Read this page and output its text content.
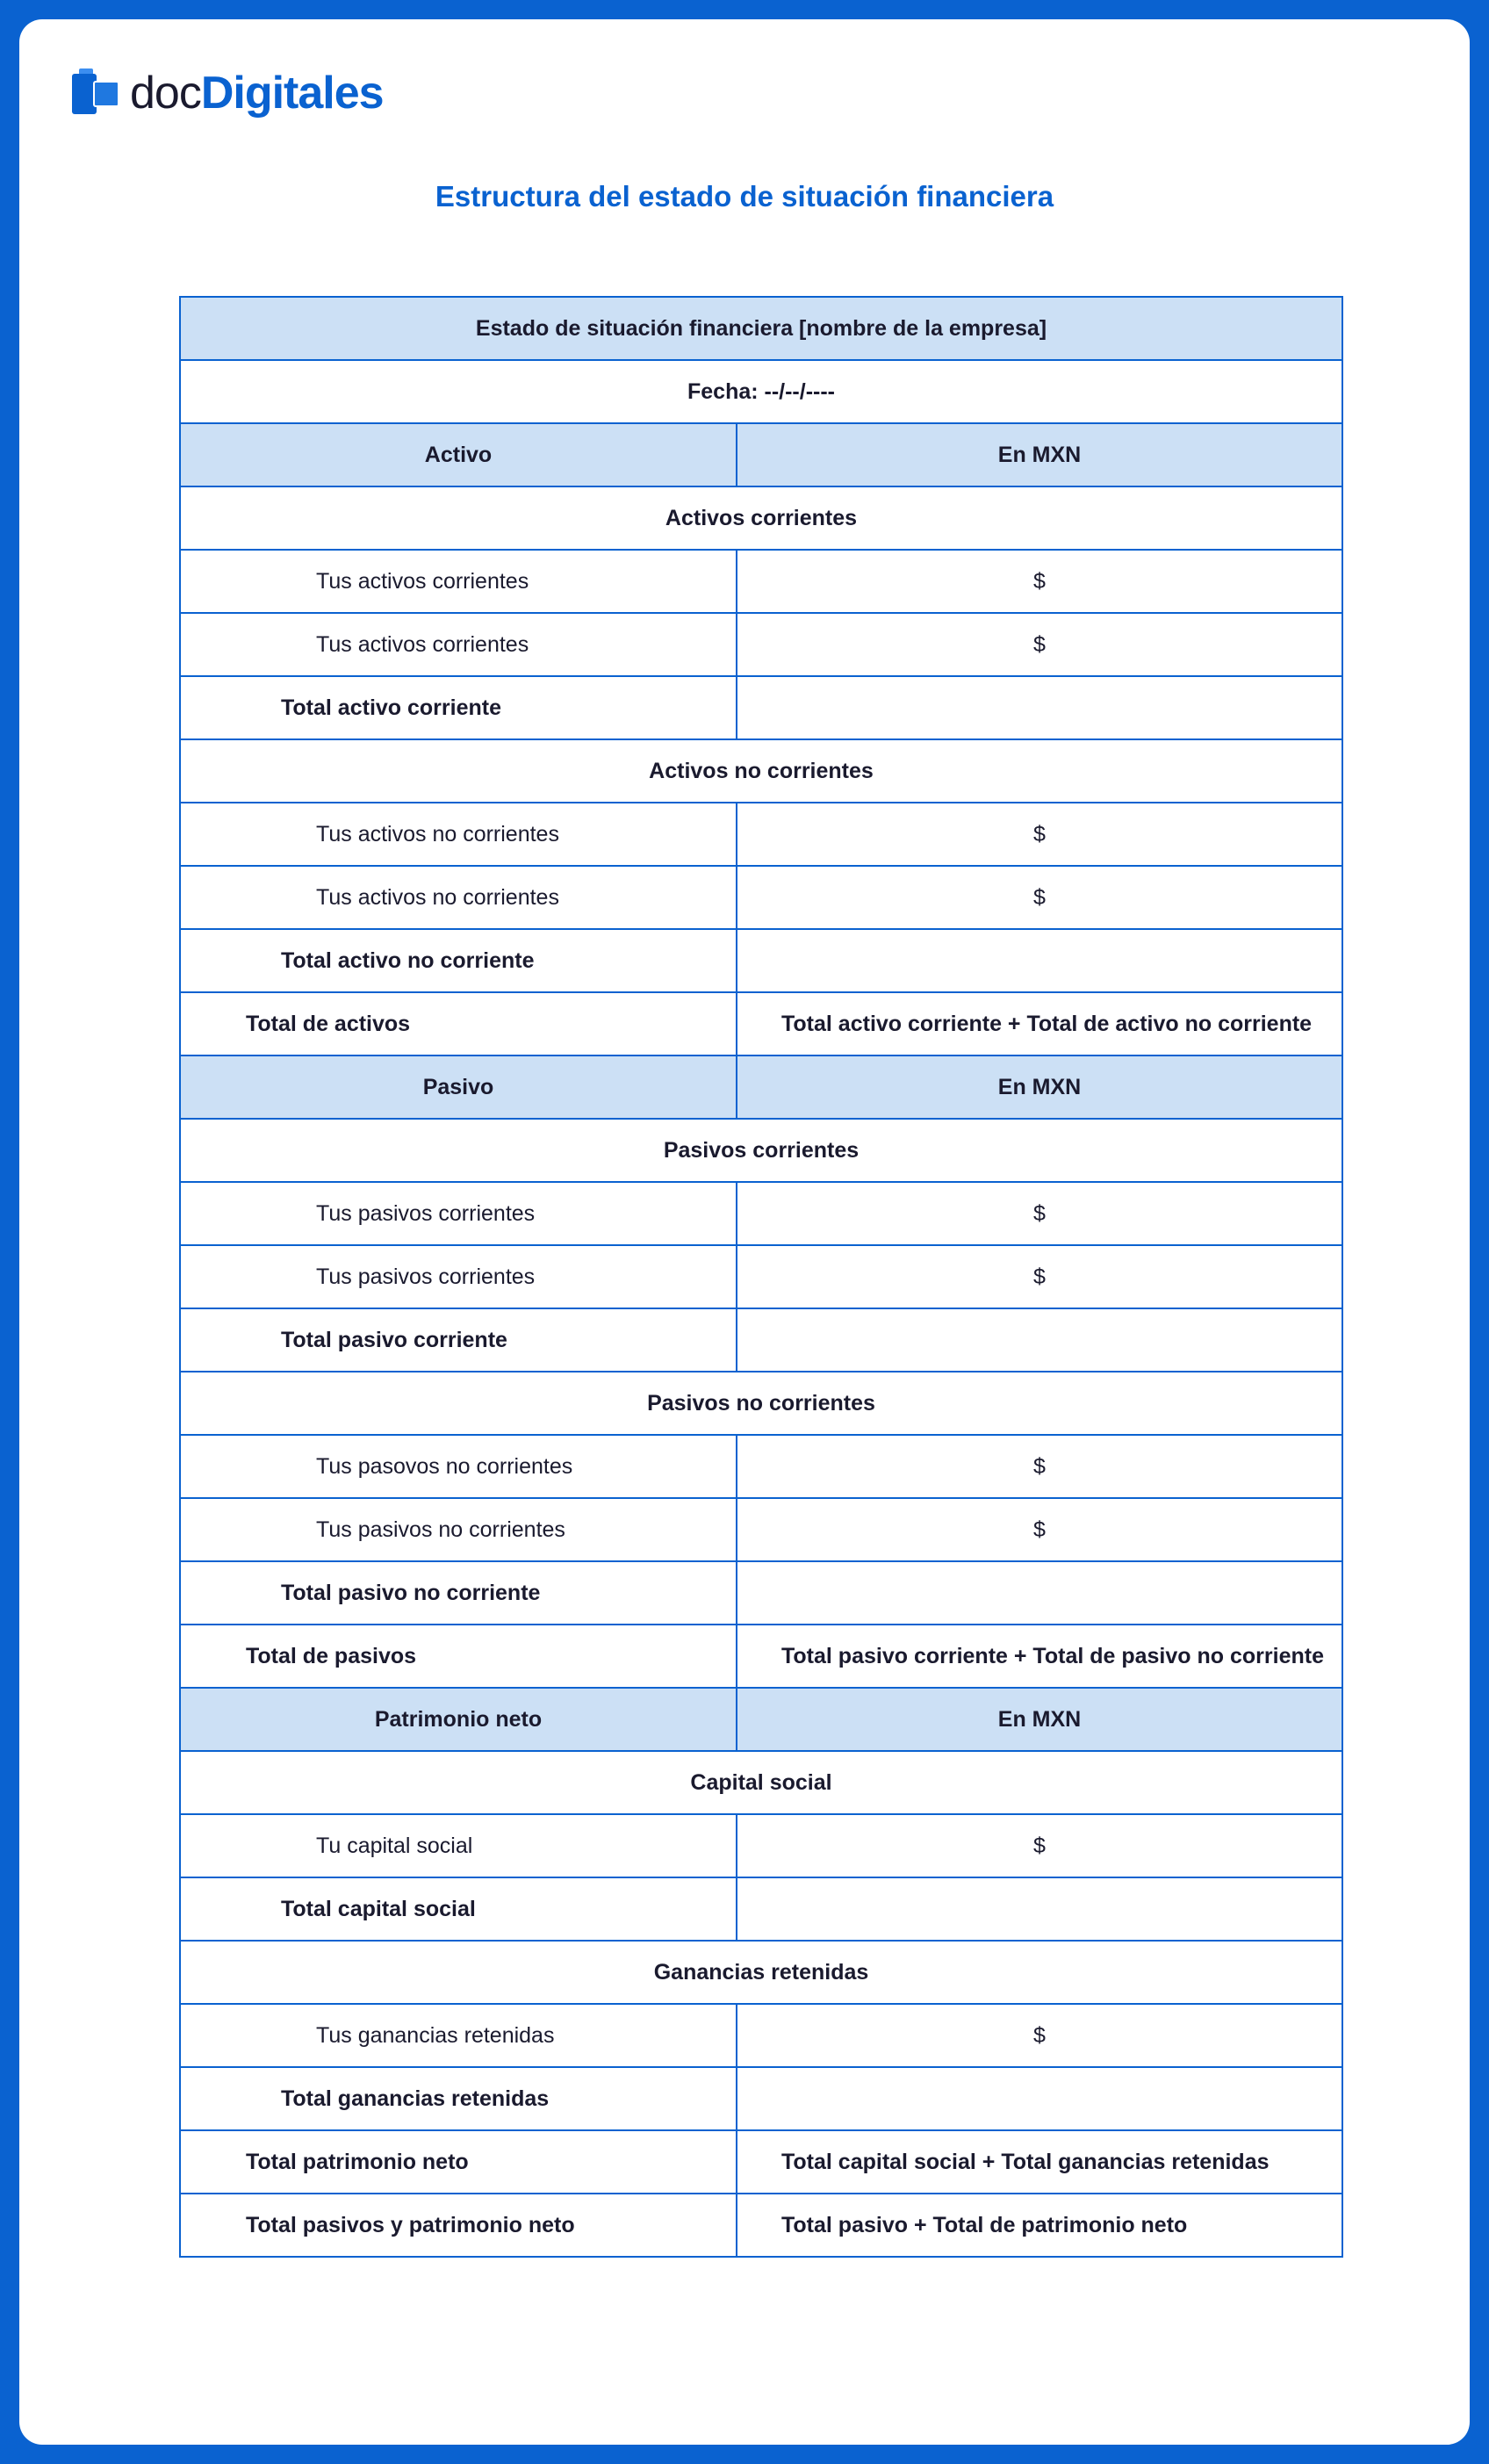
docDigitales
Estructura del estado de situación financiera
Estado de situación financiera [nombre de la empresa]	
Fecha: --/--/----	
Activo	En MXN
Activos corrientes	
Tus activos corrientes	$
Tus activos corrientes	$
Total activo corriente	
Activos no corrientes	
Tus activos no corrientes	$
Tus activos no corrientes	$
Total activo no corriente	
Total de activos	Total activo corriente + Total de activo no corriente
Pasivo	En MXN
Pasivos corrientes	
Tus pasivos corrientes	$
Tus pasivos corrientes	$
Total pasivo corriente	
Pasivos no corrientes	
Tus pasovos no corrientes	$
Tus pasivos no corrientes	$
Total pasivo no corriente	
Total de pasivos	Total pasivo corriente + Total de pasivo no corriente
Patrimonio neto	En MXN
Capital social	
Tu capital social	$
Total capital social	
Ganancias retenidas	
Tus ganancias retenidas	$
Total ganancias retenidas	
Total patrimonio neto	Total capital social + Total ganancias retenidas
Total pasivos y patrimonio neto	Total pasivo + Total de patrimonio neto
